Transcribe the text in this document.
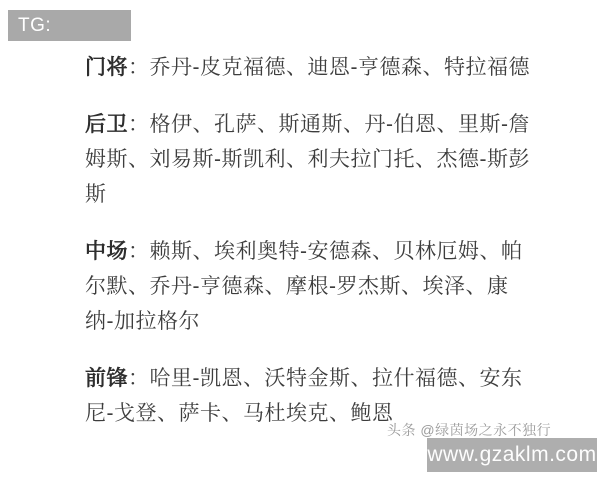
TG: MYYJJPP
门将：乔丹-皮克福德、迪恩-亨德森、特拉福德
后卫：格伊、孔萨、斯通斯、丹-伯恩、里斯-詹
姆斯、刘易斯-斯凯利、利夫拉门托、杰德-斯彭
斯
中场：赖斯、埃利奥特-安德森、贝林厄姆、帕
尔默、乔丹-亨德森、摩根-罗杰斯、埃泽、康
纳-加拉格尔
前锋：哈里-凯恩、沃特金斯、拉什福德、安东
尼-戈登、萨卡、马杜埃克、鲍恩
头条 @绿茵场之永不独行
www.gzaklm.com
